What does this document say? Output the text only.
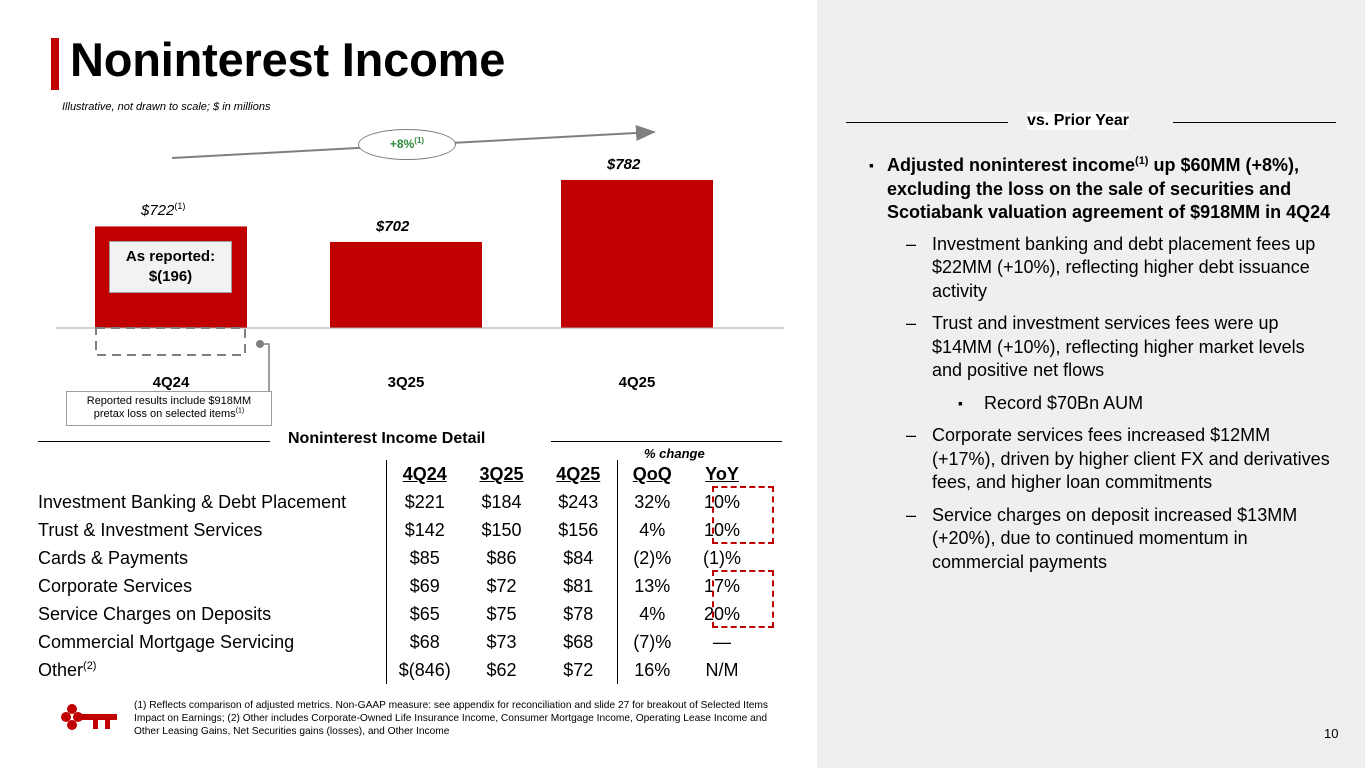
Noninterest Income
Illustrative, not drawn to scale; $ in millions
$722$^{(1)}$
$702
$782
+8%$^{(1)}$
As reported:
$(196)
4Q24	3Q25	4Q25
Reported results include $918MM
pretax loss on selected items$^{(1)}$
Noninterest Income Detail
% change
	4Q24	3Q25	4Q25	QoQ	YoY
Investment Banking & Debt Placement	$221	$184	$243	32%	10%
Trust & Investment Services	$142	$150	$156	4%	10%
Cards & Payments	$85	$86	$84	(2)%	(1)%
Corporate Services	$69	$72	$81	13%	17%
Service Charges on Deposits	$65	$75	$78	4%	20%
Commercial Mortgage Servicing	$68	$73	$68	(7)%	—
Other$^{(2)}$	$(846)	$62	$72	16%	N/M
(1) Reflects comparison of adjusted metrics. Non-GAAP measure: see appendix for reconciliation and slide 27 for breakout of Selected Items Impact on Earnings; (2) Other includes Corporate-Owned Life Insurance Income, Consumer Mortgage Income, Operating Lease Income and Other Leasing Gains, Net Securities gains (losses), and Other Income	10
vs. Prior Year
▪ Adjusted noninterest income$^{(1)}$ up $60MM (+8%), excluding the loss on the sale of securities and Scotiabank valuation agreement of $918MM in 4Q24
– Investment banking and debt placement fees up $22MM (+10%), reflecting higher debt issuance activity
– Trust and investment services fees were up $14MM (+10%), reflecting higher market levels and positive net flows
▪ Record $70Bn AUM
– Corporate services fees increased $12MM (+17%), driven by higher client FX and derivatives fees, and higher loan commitments
– Service charges on deposit increased $13MM (+20%), due to continued momentum in commercial payments
